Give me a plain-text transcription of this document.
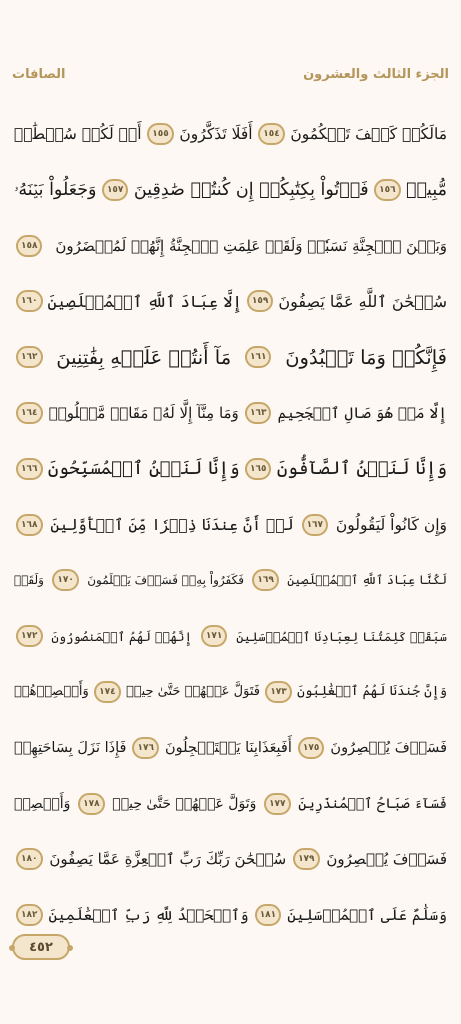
الجزء الثالث والعشرون
الصافات
مَالَكُمۡ كَيۡفَ تَحۡكُمُونَ
١٥٤
أَفَلَا تَذَكَّرُونَ
١٥٥
أَمۡ لَكُمۡ سُلۡطَٰنٞ
مُّبِينٞ
١٥٦
فَأۡتُواْ بِكِتَٰبِكُمۡ إِن كُنتُمۡ صَٰدِقِينَ
١٥٧
وَجَعَلُواْ بَيۡنَهُۥ
وَبَيۡنَ ٱلۡجِنَّةِ نَسَبٗاۚ وَلَقَدۡ عَلِمَتِ ٱلۡجِنَّةُ إِنَّهُمۡ لَمُحۡضَرُونَ
١٥٨
سُبۡحَٰنَ ٱللَّهِ عَمَّا يَصِفُونَ
١٥٩
إِلَّا عِبَادَ ٱللَّهِ ٱلۡمُخۡلَصِينَ
١٦٠
فَإِنَّكُمۡ وَمَا تَعۡبُدُونَ
١٦١
مَآ أَنتُمۡ عَلَيۡهِ بِفَٰتِنِينَ
١٦٢
إِلَّا مَنۡ هُوَ صَالِ ٱلۡجَحِيمِ
١٦٣
وَمَا مِنَّآ إِلَّا لَهُۥ مَقَامٞ مَّعۡلُومٞ
١٦٤
وَإِنَّا لَنَحۡنُ ٱلصَّآفُّونَ
١٦٥
وَإِنَّا لَنَحۡنُ ٱلۡمُسَبِّحُونَ
١٦٦
وَإِن كَانُواْ لَيَقُولُونَ
١٦٧
لَوۡ أَنَّ عِندَنَا ذِكۡرٗا مِّنَ ٱلۡأَوَّلِينَ
١٦٨
لَكُنَّا عِبَادَ ٱللَّهِ ٱلۡمُخۡلَصِينَ
١٦٩
فَكَفَرُواْ بِهِۦۖ فَسَوۡفَ يَعۡلَمُونَ
١٧٠
وَلَقَدۡ
سَبَقَتۡ كَلِمَتُنَا لِعِبَادِنَا ٱلۡمُرۡسَلِينَ
١٧١
إِنَّهُمۡ لَهُمُ ٱلۡمَنصُورُونَ
١٧٢
وَإِنَّ جُندَنَا لَهُمُ ٱلۡغَٰلِبُونَ
١٧٣
فَتَوَلَّ عَنۡهُمۡ حَتَّىٰ حِينٖ
١٧٤
وَأَبۡصِرۡهُمۡ
فَسَوۡفَ يُبۡصِرُونَ
١٧٥
أَفَبِعَذَابِنَا يَسۡتَعۡجِلُونَ
١٧٦
فَإِذَا نَزَلَ بِسَاحَتِهِمۡ
فَسَآءَ صَبَاحُ ٱلۡمُنذَرِينَ
١٧٧
وَتَوَلَّ عَنۡهُمۡ حَتَّىٰ حِينٖ
١٧٨
وَأَبۡصِرۡ
فَسَوۡفَ يُبۡصِرُونَ
١٧٩
سُبۡحَٰنَ رَبِّكَ رَبِّ ٱلۡعِزَّةِ عَمَّا يَصِفُونَ
١٨٠
وَسَلَٰمٌ عَلَى ٱلۡمُرۡسَلِينَ
١٨١
وَٱلۡحَمۡدُ لِلَّهِ رَبِّ ٱلۡعَٰلَمِينَ
١٨٢
٤٥٢
